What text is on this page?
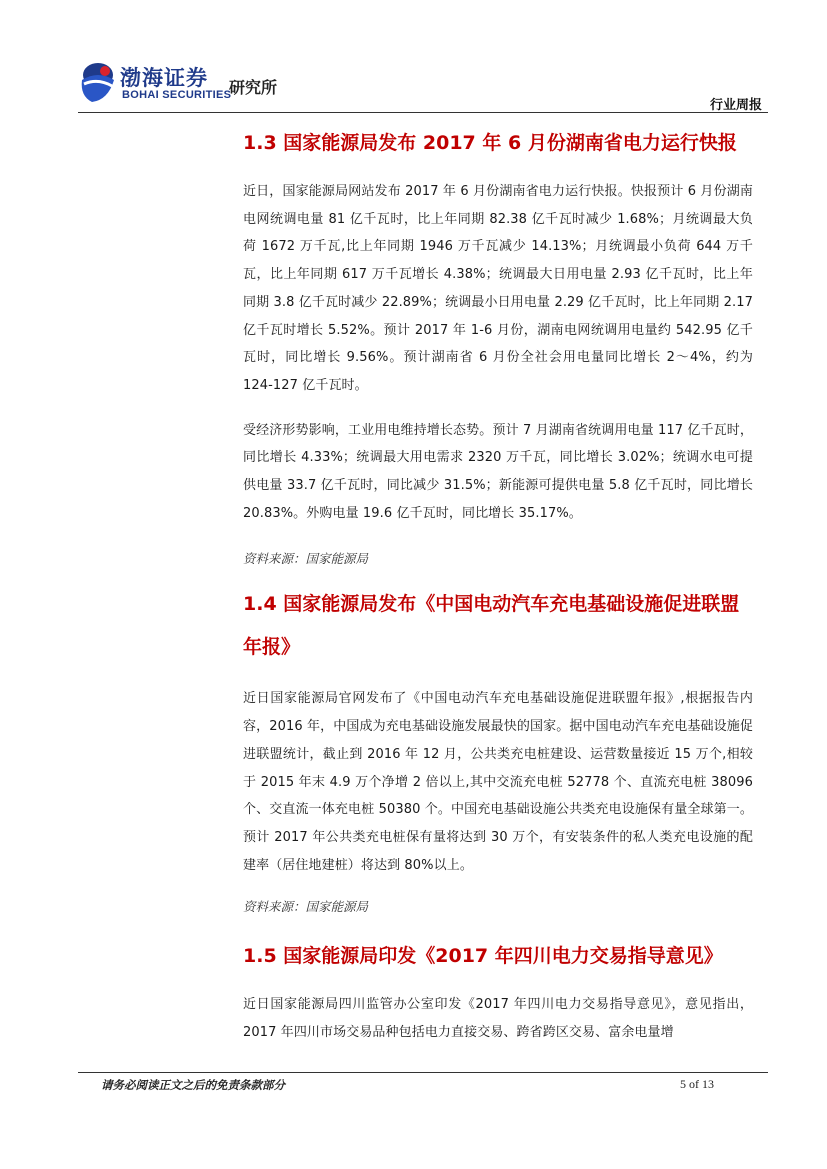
渤海证券
BOHAI SECURITIES
研究所
行业周报
1.3 国家能源局发布 2017 年 6 月份湖南省电力运行快报

近日，国家能源局网站发布 2017 年 6 月份湖南省电力运行快报。快报预计 6 月份湖南电网统调电量 81 亿千瓦时，比上年同期 82.38 亿千瓦时减少 1.68%；月统调最大负荷 1672 万千瓦,比上年同期 1946 万千瓦减少 14.13%；月统调最小负荷 644 万千瓦，比上年同期 617 万千瓦增长 4.38%；统调最大日用电量 2.93 亿千瓦时，比上年同期 3.8 亿千瓦时减少 22.89%；统调最小日用电量 2.29 亿千瓦时，比上年同期 2.17 亿千瓦时增长 5.52%。预计 2017 年 1-6 月份，湖南电网统调用电量约 542.95 亿千瓦时，同比增长 9.56%。预计湖南省 6 月份全社会用电量同比增长 2～4%，约为 124-127 亿千瓦时。

受经济形势影响，工业用电维持增长态势。预计 7 月湖南省统调用电量 117 亿千瓦时，同比增长 4.33%；统调最大用电需求 2320 万千瓦，同比增长 3.02%；统调水电可提供电量 33.7 亿千瓦时，同比减少 31.5%；新能源可提供电量 5.8 亿千瓦时，同比增长 20.83%。外购电量 19.6 亿千瓦时，同比增长 35.17%。

资料来源：国家能源局

1.4 国家能源局发布《中国电动汽车充电基础设施促进联盟年报》

近日国家能源局官网发布了《中国电动汽车充电基础设施促进联盟年报》,根据报告内容，2016 年，中国成为充电基础设施发展最快的国家。据中国电动汽车充电基础设施促进联盟统计，截止到 2016 年 12 月，公共类充电桩建设、运营数量接近 15 万个,相较于 2015 年末 4.9 万个净增 2 倍以上,其中交流充电桩 52778 个、直流充电桩 38096 个、交直流一体充电桩 50380 个。中国充电基础设施公共类充电设施保有量全球第一。预计 2017 年公共类充电桩保有量将达到 30 万个，有安装条件的私人类充电设施的配建率（居住地建桩）将达到 80%以上。

资料来源：国家能源局

1.5 国家能源局印发《2017 年四川电力交易指导意见》

近日国家能源局四川监管办公室印发《2017 年四川电力交易指导意见》，意见指出， 2017 年四川市场交易品种包括电力直接交易、跨省跨区交易、富余电量增

请务必阅读正文之后的免责条款部分	5 of 13
